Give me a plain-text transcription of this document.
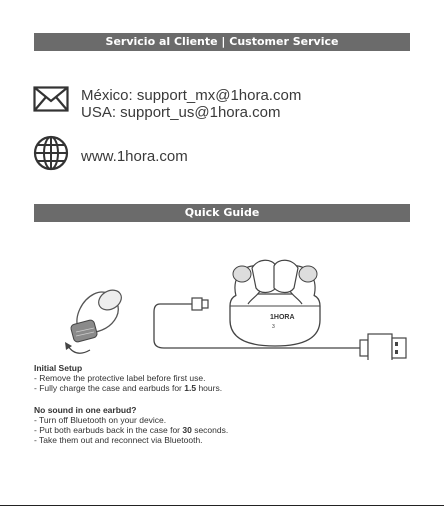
Servicio al Cliente | Customer Service
México: support_mx@1hora.com
USA: support_us@1hora.com
www.1hora.com
Quick Guide
1HORA
3
Initial Setup
- Remove the protective label before first use.
- Fully charge the case and earbuds for 1.5 hours.
No sound in one earbud?
- Turn off Bluetooth on your device.
- Put both earbuds back in the case for 30 seconds.
- Take them out and reconnect via Bluetooth.
